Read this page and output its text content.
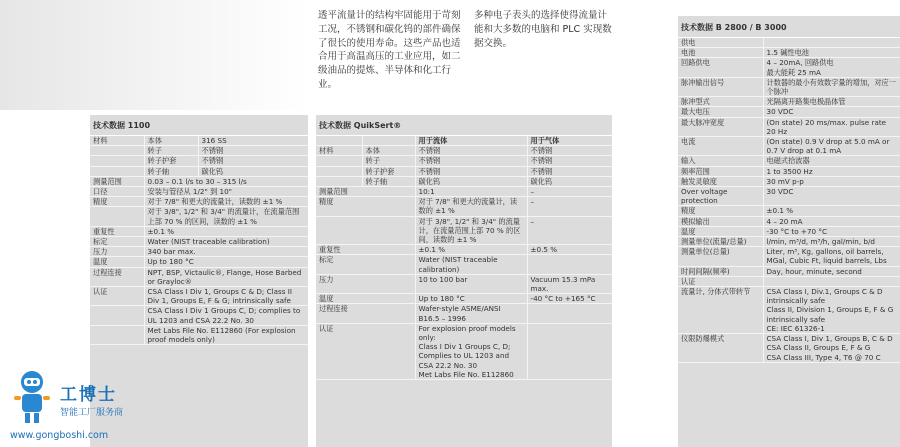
透平流量计的结构牢固能用于苛刻工况，不锈钢和碳化钨的部件确保了很长的使用寿命。这些产品也适合用于高温高压的工业应用，如二级油品的提炼、半导体和化工行业。

多种电子表头的选择使得流量计能和大多数的电脑和 PLC 实现数据交换。

技术数据 1100
材料	本体	316 SS
	转子	不锈钢
	转子护套	不锈钢
	转子轴	碳化钨
测量范围	0.03 – 0.1 l/s to 30 – 315 l/s	
口径	安装与管径从 1/2" 到 10"	
精度	对于 7/8" 和更大的流量计，读数的 ±1 %	
	对于 3/8", 1/2" 和 3/4" 的流量计，在流量范围上部 70 % 的区间，读数的 ±1 %	
重复性	±0.1 %	
标定	Water (NIST traceable calibration)	
压力	340 bar max.	
温度	Up to 180 °C	
过程连接	NPT, BSP, Victaulic®, Flange, Hose Barbed or Grayloc®	
认证	CSA Class I Div 1, Groups C & D; Class II Div 1, Groups E, F & G; intrinsically safe	
	CSA Class I Div 1 Groups C, D; complies to UL 1203 and CSA 22.2 No. 30	
	Met Labs File No. E112860 (For explosion proof models only)	
技术数据 QuikSert®
		用于流体	用于气体
材料	本体	不锈钢	不锈钢
	转子	不锈钢	不锈钢
	转子护套	不锈钢	不锈钢
	转子轴	碳化钨	碳化钨
测量范围		10:1	–
精度		对于 7/8" 和更大的流量计，读数的 ±1 %	–
		对于 3/8", 1/2" 和 3/4" 的流量计，在流量范围上部 70 % 的区间，读数的 ±1 %	–
重复性		±0.1 %	±0.5 %
标定		Water (NIST traceable calibration)	
压力		10 to 100 bar	Vacuum 15.3 mPa max.
温度		Up to 180 °C	-40 °C to +165 °C
过程连接		Wafer-style ASME/ANSI B16.5 – 1996	
认证		For explosion proof models only:
Class I Div 1 Groups C, D; Complies to UL 1203 and CSA 22.2 No. 30
Met Labs File No. E112860	
技术数据 B 2800 / B 3000
供电	
电池	1.5 碱性电池
回路供电	4 – 20mA, 回路供电
最大能耗 25 mA
脉冲输出信号	计数器的最小有效数字量的增加，对应一个脉冲
脉冲型式	光隔离开路集电极晶体管
最大电压	30 VDC
最大脉冲宽度	(On state) 20 ms/max. pulse rate 20 Hz
电流	(On state) 0.9 V drop at 5.0 mA or 0.7 V drop at 0.1 mA
输入	电磁式拾波器
频率范围	1 to 3500 Hz
触发灵敏度	30 mV p-p
Over voltage protection	30 VDC
精度	±0.1 %
模拟输出	4 – 20 mA
温度	-30 °C to +70 °C
测量单位(流量/总量)	l/min, m³/d, m³/h, gal/min, b/d
测量单位(总量)	Liter, m³, Kg, gallons, oil barrels, MGal, Cubic Ft, liquid barrels, Lbs
时间间隔(频率)	Day, hour, minute, second
认证	
流量计, 分体式带转节	CSA Class I, Div.1, Groups C & D intrinsically safe
Class II, Division 1, Groups E, F & G intrinsically safe
CE: IEC 61326-1
仪限防爆模式	CSA Class I, Div 1, Groups B, C & D
CSA Class II, Groups E, F & G
CSA Class III, Type 4, T6 @ 70 C
工博士
智能工厂服务商
www.gongboshi.com
